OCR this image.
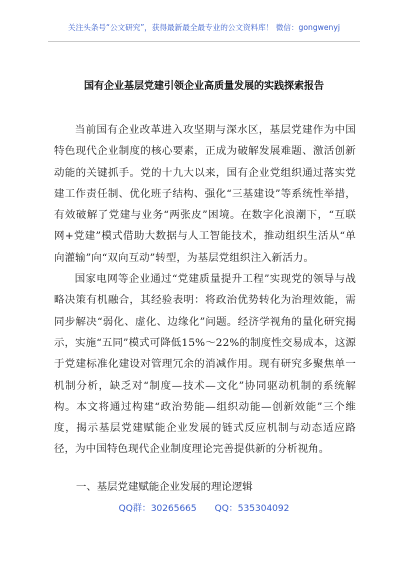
关注头条号“公文研究”，获得最新最全最专业的公文资料库！ 微信：gongwenyj
国有企业基层党建引领企业高质量发展的实践探索报告

当前国有企业改革进入攻坚期与深水区，基层党建作为中国特色现代企业制度的核心要素，正成为破解发展难题、激活创新动能的关键抓手。党的十九大以来，国有企业党组织通过落实党建工作责任制、优化班子结构、强化“三基建设”等系统性举措，有效破解了党建与业务“两张皮”困境。在数字化浪潮下，“互联网+党建”模式借助大数据与人工智能技术，推动组织生活从“单向灌输”向“双向互动”转型，为基层党组织注入新活力。

国家电网等企业通过“党建质量提升工程”实现党的领导与战略决策有机融合，其经验表明：将政治优势转化为治理效能，需同步解决“弱化、虚化、边缘化”问题。经济学视角的量化研究揭示，实施“五同”模式可降低15%～22%的制度性交易成本，这源于党建标准化建设对管理冗余的消减作用。现有研究多聚焦单一机制分析，缺乏对“制度—技术—文化”协同驱动机制的系统解构。本文将通过构建“政治势能—组织动能—创新效能”三个维度，揭示基层党建赋能企业发展的链式反应机制与动态适应路径，为中国特色现代企业制度理论完善提供新的分析视角。

一、基层党建赋能企业发展的理论逻辑
QQ群：30265665 QQ：535304092
